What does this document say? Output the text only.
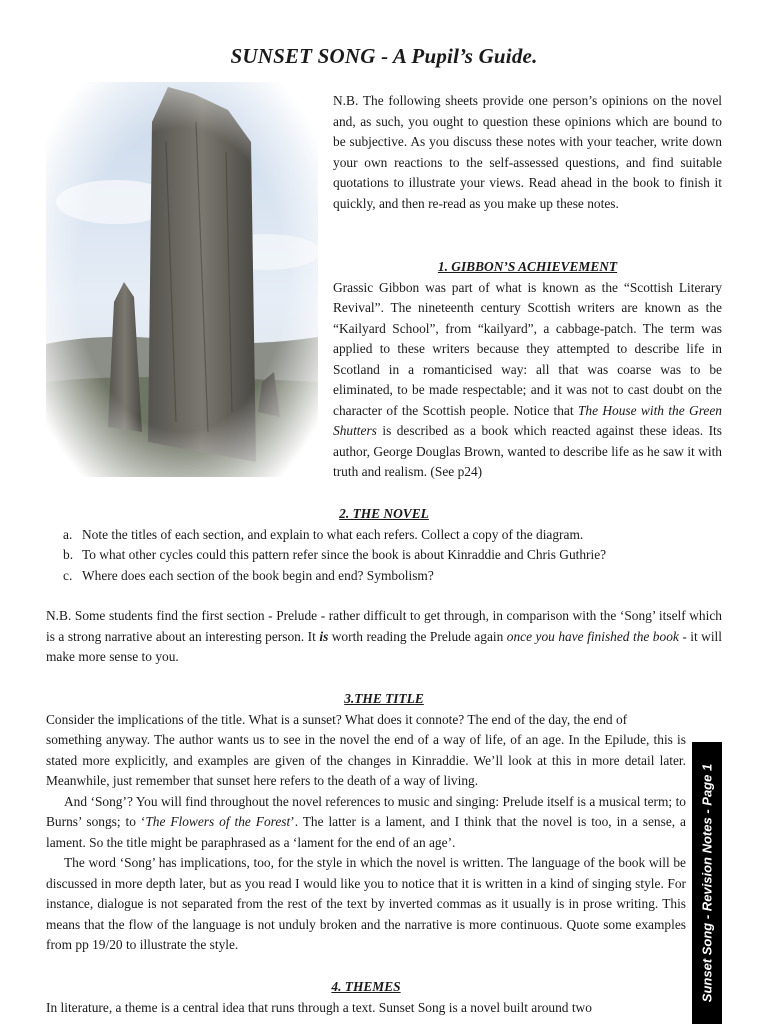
SUNSET SONG - A Pupil’s Guide.

N.B. The following sheets provide one person’s opinions on the novel and, as such, you ought to question these opinions which are bound to be subjective. As you discuss these notes with your teacher, write down your own reactions to the self-assessed questions, and find suitable quotations to illustrate your views. Read ahead in the book to finish it quickly, and then re-read as you make up these notes.

1. GIBBON’S ACHIEVEMENT

Grassic Gibbon was part of what is known as the “Scottish Literary Revival”. The nineteenth century Scottish writers are known as the “Kailyard School”, from “kailyard”, a cabbage-patch. The term was applied to these writers because they attempted to describe life in Scotland in a romanticised way: all that was coarse was to be eliminated, to be made respectable; and it was not to cast doubt on the character of the Scottish people. Notice that The House with the Green Shutters is described as a book which reacted against these ideas. Its author, George Douglas Brown, wanted to describe life as he saw it with truth and realism. (See p24)

2. THE NOVEL

a. Note the titles of each section, and explain to what each refers. Collect a copy of the diagram.
b. To what other cycles could this pattern refer since the book is about Kinraddie and Chris Guthrie?
c. Where does each section of the book begin and end? Symbolism?

N.B. Some students find the first section - Prelude - rather difficult to get through, in comparison with the ‘Song’ itself which is a strong narrative about an interesting person. It is worth reading the Prelude again once you have finished the book - it will make more sense to you.

3.THE TITLE

Consider the implications of the title. What is a sunset? What does it connote? The end of the day, the end of

something anyway. The author wants us to see in the novel the end of a way of life, of an age. In the Epilude, this is stated more explicitly, and examples are given of the changes in Kinraddie. We’ll look at this in more detail later. Meanwhile, just remember that sunset here refers to the death of a way of living.

And ‘Song’? You will find throughout the novel references to music and singing: Prelude itself is a musical term; to Burns’ songs; to ‘The Flowers of the Forest’. The latter is a lament, and I think that the novel is too, in a sense, a lament. So the title might be paraphrased as a ‘lament for the end of an age’.

The word ‘Song’ has implications, too, for the style in which the novel is written. The language of the book will be discussed in more depth later, but as you read I would like you to notice that it is written in a kind of singing style. For instance, dialogue is not separated from the rest of the text by inverted commas as it usually is in prose writing. This means that the flow of the language is not unduly broken and the narrative is more continuous. Quote some examples from pp 19/20 to illustrate the style.

4. THEMES

In literature, a theme is a central idea that runs through a text. Sunset Song is a novel built around two

Sunset Song - Revision Notes - Page 1
